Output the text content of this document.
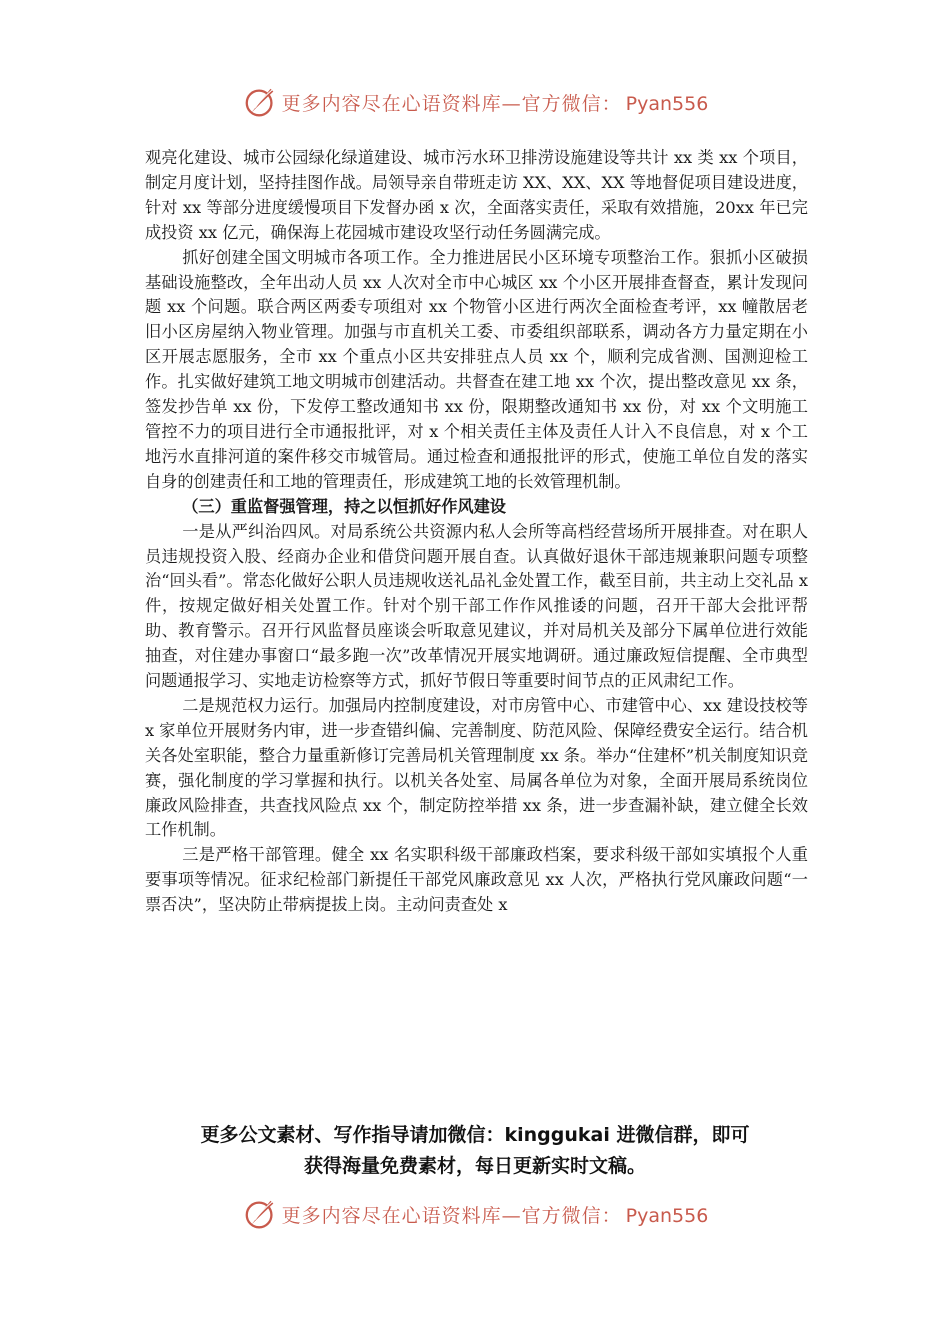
更多内容尽在心语资料库—官方微信： Pyan556

观亮化建设、城市公园绿化绿道建设、城市污水环卫排涝设施建设等共计 xx 类 xx 个项目，制定月度计划，坚持挂图作战。局领导亲自带班走访 XX、XX、XX 等地督促项目建设进度，针对 xx 等部分进度缓慢项目下发督办函 x 次，全面落实责任，采取有效措施，20xx 年已完成投资 xx 亿元，确保海上花园城市建设攻坚行动任务圆满完成。

抓好创建全国文明城市各项工作。全力推进居民小区环境专项整治工作。狠抓小区破损基础设施整改，全年出动人员 xx 人次对全市中心城区 xx 个小区开展排查督查，累计发现问题 xx 个问题。联合两区两委专项组对 xx 个物管小区进行两次全面检查考评，xx 幢散居老旧小区房屋纳入物业管理。加强与市直机关工委、市委组织部联系，调动各方力量定期在小区开展志愿服务，全市 xx 个重点小区共安排驻点人员 xx 个，顺利完成省测、国测迎检工作。扎实做好建筑工地文明城市创建活动。共督查在建工地 xx 个次，提出整改意见 xx 条，签发抄告单 xx 份，下发停工整改通知书 xx 份，限期整改通知书 xx 份，对 xx 个文明施工管控不力的项目进行全市通报批评，对 x 个相关责任主体及责任人计入不良信息，对 x 个工地污水直排河道的案件移交市城管局。通过检查和通报批评的形式，使施工单位自发的落实自身的创建责任和工地的管理责任，形成建筑工地的长效管理机制。

（三）重监督强管理，持之以恒抓好作风建设

一是从严纠治四风。对局系统公共资源内私人会所等高档经营场所开展排查。对在职人员违规投资入股、经商办企业和借贷问题开展自查。认真做好退休干部违规兼职问题专项整治“回头看”。常态化做好公职人员违规收送礼品礼金处置工作，截至目前，共主动上交礼品 x 件，按规定做好相关处置工作。针对个别干部工作作风推诿的问题，召开干部大会批评帮助、教育警示。召开行风监督员座谈会听取意见建议，并对局机关及部分下属单位进行效能抽查，对住建办事窗口“最多跑一次”改革情况开展实地调研。通过廉政短信提醒、全市典型问题通报学习、实地走访检察等方式，抓好节假日等重要时间节点的正风肃纪工作。

二是规范权力运行。加强局内控制度建设，对市房管中心、市建管中心、xx 建设技校等 x 家单位开展财务内审，进一步查错纠偏、完善制度、防范风险、保障经费安全运行。结合机关各处室职能，整合力量重新修订完善局机关管理制度 xx 条。举办“住建杯”机关制度知识竞赛，强化制度的学习掌握和执行。以机关各处室、局属各单位为对象，全面开展局系统岗位廉政风险排查，共查找风险点 xx 个，制定防控举措 xx 条，进一步查漏补缺，建立健全长效工作机制。

三是严格干部管理。健全 xx 名实职科级干部廉政档案，要求科级干部如实填报个人重要事项等情况。征求纪检部门新提任干部党风廉政意见 xx 人次，严格执行党风廉政问题“一票否决”，坚决防止带病提拔上岗。主动问责查处 x

更多公文素材、写作指导请加微信：kinggukai 进微信群，即可
获得海量免费素材，每日更新实时文稿。
更多内容尽在心语资料库—官方微信： Pyan556
